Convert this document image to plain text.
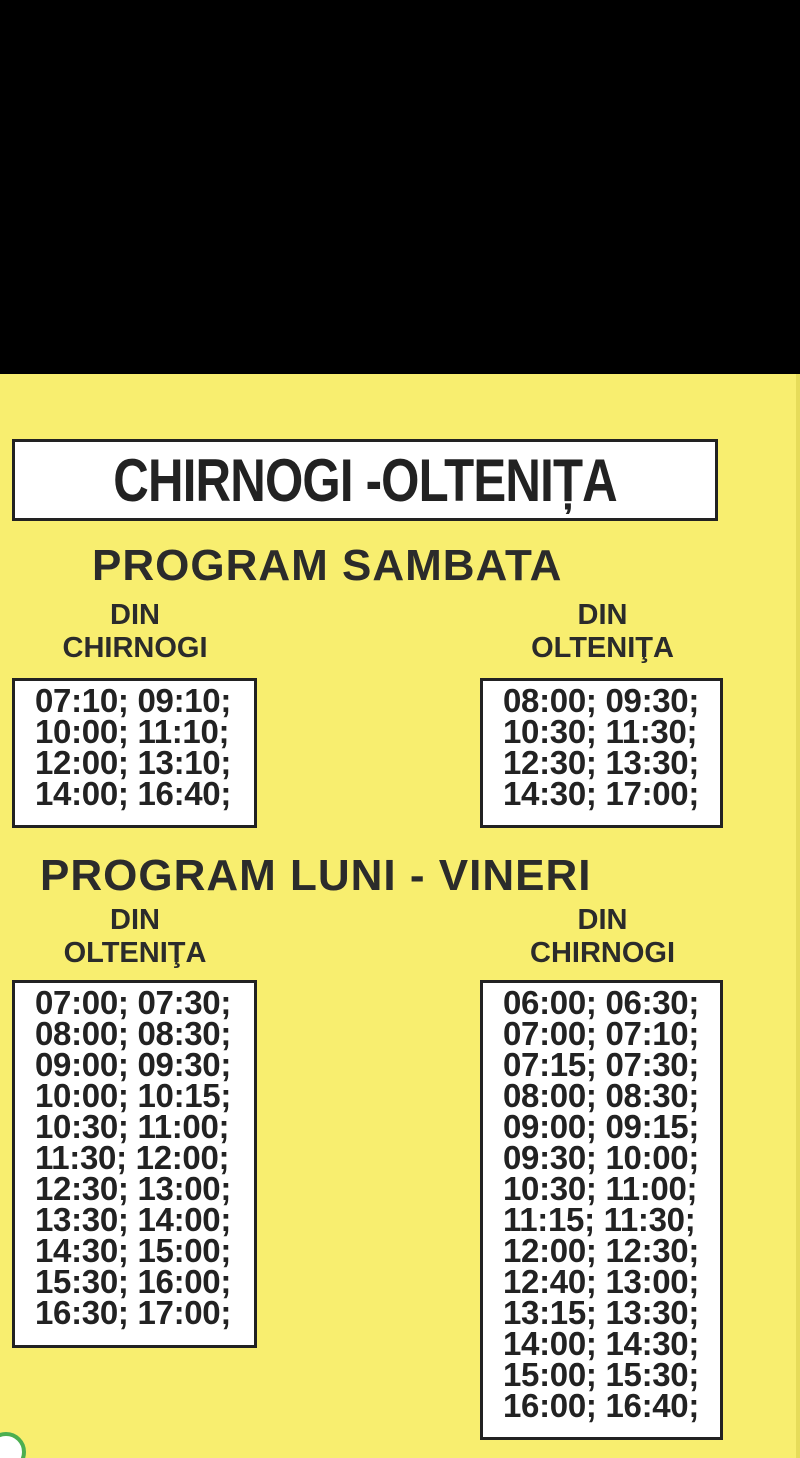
CHIRNOGI -OLTENIȚA
PROGRAM SAMBATA
DIN
CHIRNOGI
DIN
OLTENIŢA
07:10; 09:10;
10:00; 11:10;
12:00; 13:10;
14:00; 16:40;
08:00; 09:30;
10:30; 11:30;
12:30; 13:30;
14:30; 17:00;
PROGRAM LUNI - VINERI
DIN
OLTENIŢA
DIN
CHIRNOGI
07:00; 07:30;
08:00; 08:30;
09:00; 09:30;
10:00; 10:15;
10:30; 11:00;
11:30; 12:00;
12:30; 13:00;
13:30; 14:00;
14:30; 15:00;
15:30; 16:00;
16:30; 17:00;
06:00; 06:30;
07:00; 07:10;
07:15; 07:30;
08:00; 08:30;
09:00; 09:15;
09:30; 10:00;
10:30; 11:00;
11:15; 11:30;
12:00; 12:30;
12:40; 13:00;
13:15; 13:30;
14:00; 14:30;
15:00; 15:30;
16:00; 16:40;
